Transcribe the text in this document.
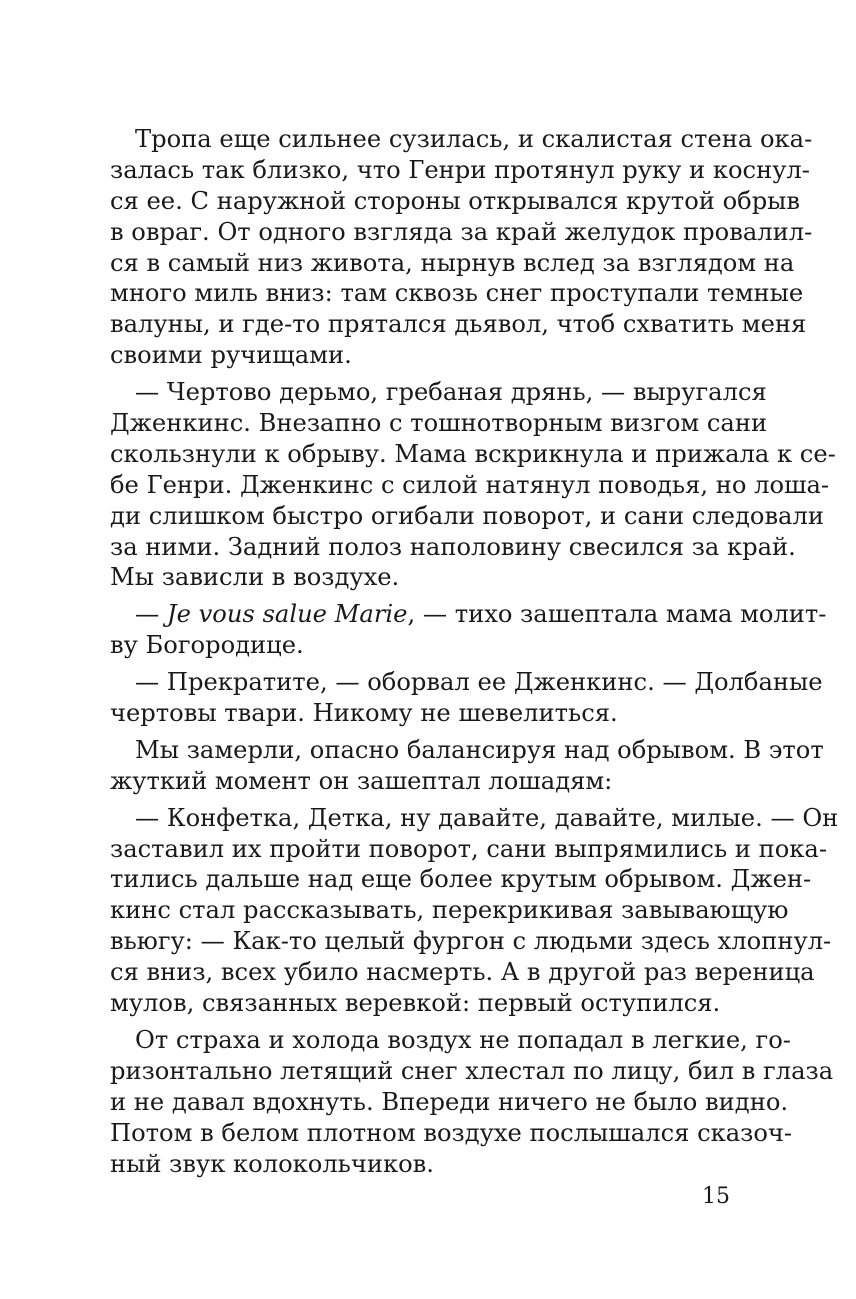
Тропа еще сильнее сузилась, и скалистая стена ока-
залась так близко, что Генри протянул руку и коснул-
ся ее. С наружной стороны открывался крутой обрыв
в овраг. От одного взгляда за край желудок провалил-
ся в самый низ живота, нырнув вслед за взглядом на
много миль вниз: там сквозь снег проступали темные
валуны, и где-то прятался дьявол, чтоб схватить меня
своими ручищами.
— Чертово дерьмо, гребаная дрянь, — выругался
Дженкинс. Внезапно с тошнотворным визгом сани
скользнули к обрыву. Мама вскрикнула и прижала к се-
бе Генри. Дженкинс с силой натянул поводья, но лоша-
ди слишком быстро огибали поворот, и сани следовали
за ними. Задний полоз наполовину свесился за край.
Мы зависли в воздухе.
— Je vous salue Marie, — тихо зашептала мама молит-
ву Богородице.
— Прекратите, — оборвал ее Дженкинс. — Долбаные
чертовы твари. Никому не шевелиться.
Мы замерли, опасно балансируя над обрывом. В этот
жуткий момент он зашептал лошадям:
— Конфетка, Детка, ну давайте, давайте, милые. — Он
заставил их пройти поворот, сани выпрямились и пока-
тились дальше над еще более крутым обрывом. Джен-
кинс стал рассказывать, перекрикивая завывающую
вьюгу: — Как-то целый фургон с людьми здесь хлопнул-
ся вниз, всех убило насмерть. А в другой раз вереница
мулов, связанных веревкой: первый оступился.
От страха и холода воздух не попадал в легкие, го-
ризонтально летящий снег хлестал по лицу, бил в глаза
и не давал вдохнуть. Впереди ничего не было видно.
Потом в белом плотном воздухе послышался сказоч-
ный звук колокольчиков.
15
